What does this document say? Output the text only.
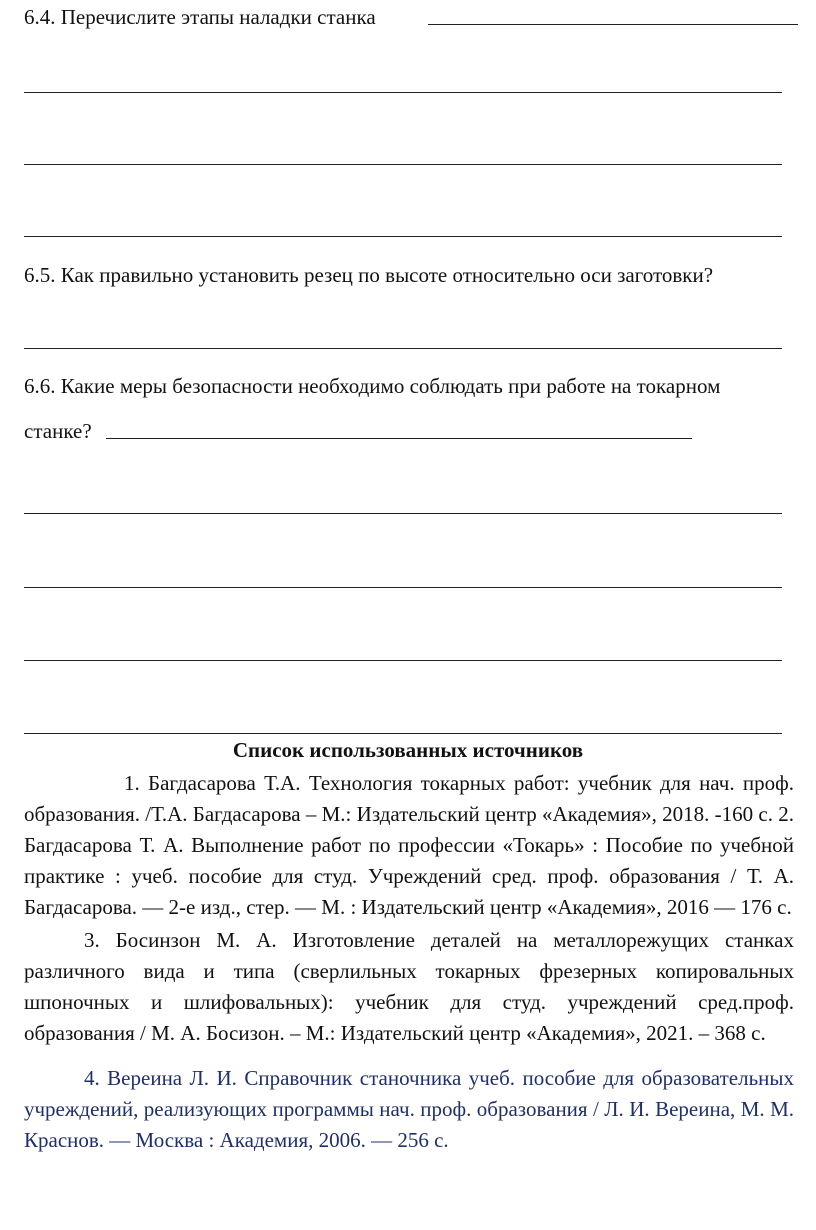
6.4. Перечислите этапы наладки станка
6.5. Как правильно установить резец по высоте относительно оси заготовки?
6.6. Какие меры безопасности необходимо соблюдать при работе на токарном
станке?
Список использованных источников

1. Багдасарова Т.А. Технология токарных работ: учебник для нач. проф. образования. /Т.А. Багдасарова – М.: Издательский центр «Академия», 2018. -160 с. 2. Багдасарова Т. А. Выполнение работ по профессии «Токарь» : Пособие по учебной практике : учеб. пособие для студ. Учреждений сред. проф. образования / Т. А. Багдасарова. — 2-е изд., стер. — М. : Издательский центр «Академия», 2016 — 176 с.

3. Босинзон М. А. Изготовление деталей на металлорежущих станках различного вида и типа (сверлильных токарных фрезерных копировальных шпоночных и шлифовальных): учебник для студ. учреждений сред.проф. образования / М. А. Босизон. – М.: Издательский центр «Академия», 2021. – 368 с.

4. Вереина Л. И. Справочник станочника учеб. пособие для образовательных учреждений, реализующих программы нач. проф. образования / Л. И. Вереина, М. М. Краснов. — Москва : Академия, 2006. — 256 с.
